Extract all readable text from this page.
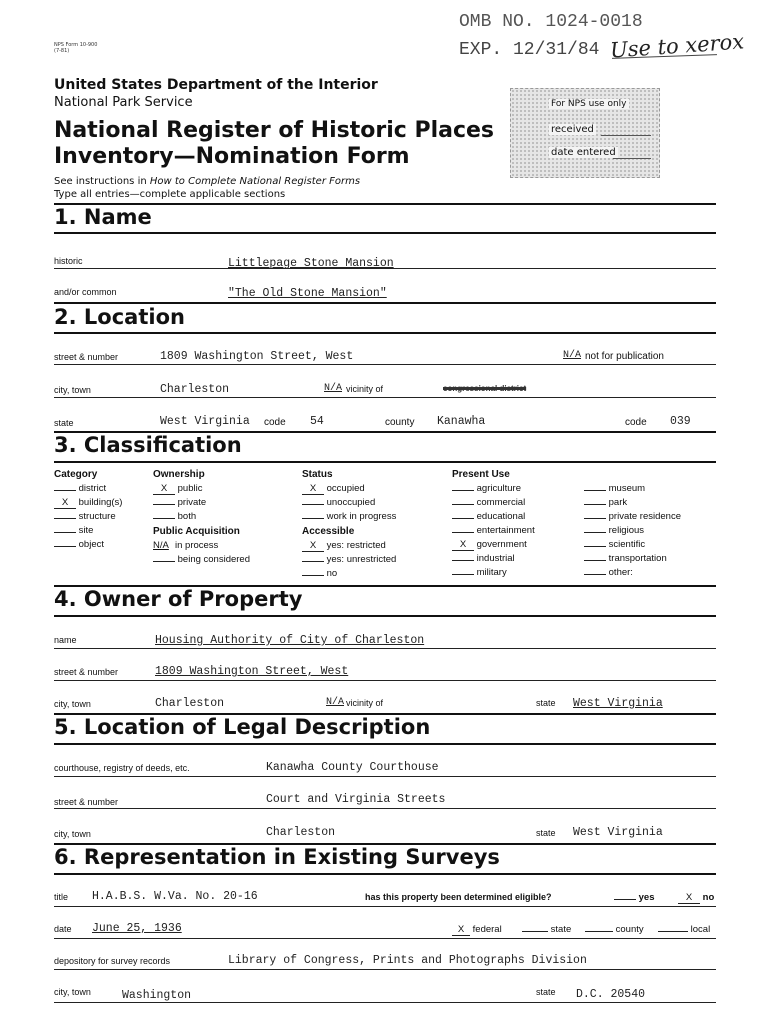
NPS Form 10-900
(7-81)
OMB NO. 1024-0018
EXP. 12/31/84 Use to xerox
United States Department of the Interior
National Park Service
National Register of Historic Places
Inventory—Nomination Form
See instructions in How to Complete National Register Forms
Type all entries—complete applicable sections
For NPS use only
received
date entered
1. Name
historic	Littlepage Stone Mansion
and/or common	"The Old Stone Mansion"
2. Location
street & number	1809 Washington Street, West	N/A not for publication
city, town	Charleston	N/A vicinity of	congressional district
state	West Virginia code 54	county Kanawha	code 039
3. Classification
Category
district
X building(s)
structure
site
object
Ownership
X public
private
both
Public Acquisition
N/A in process
being considered
Status
X occupied
unoccupied
work in progress
Accessible
X yes: restricted
yes: unrestricted
no
Present Use
agriculture
commercial
educational
entertainment
X government
industrial
military
museum
park
private residence
religious
scientific
transportation
other:
4. Owner of Property
name	Housing Authority of City of Charleston
street & number	1809 Washington Street, West
city, town	Charleston	N/A vicinity of	state West Virginia
5. Location of Legal Description
courthouse, registry of deeds, etc.	Kanawha County Courthouse
street & number	Court and Virginia Streets
city, town	Charleston	state West Virginia
6. Representation in Existing Surveys
title H.A.B.S. W.Va. No. 20-16	has this property been determined eligible?	yes	X no
date June 25, 1936	X federal	state	county	local
depository for survey records	Library of Congress, Prints and Photographs Division
city, town	Washington	state D.C. 20540
